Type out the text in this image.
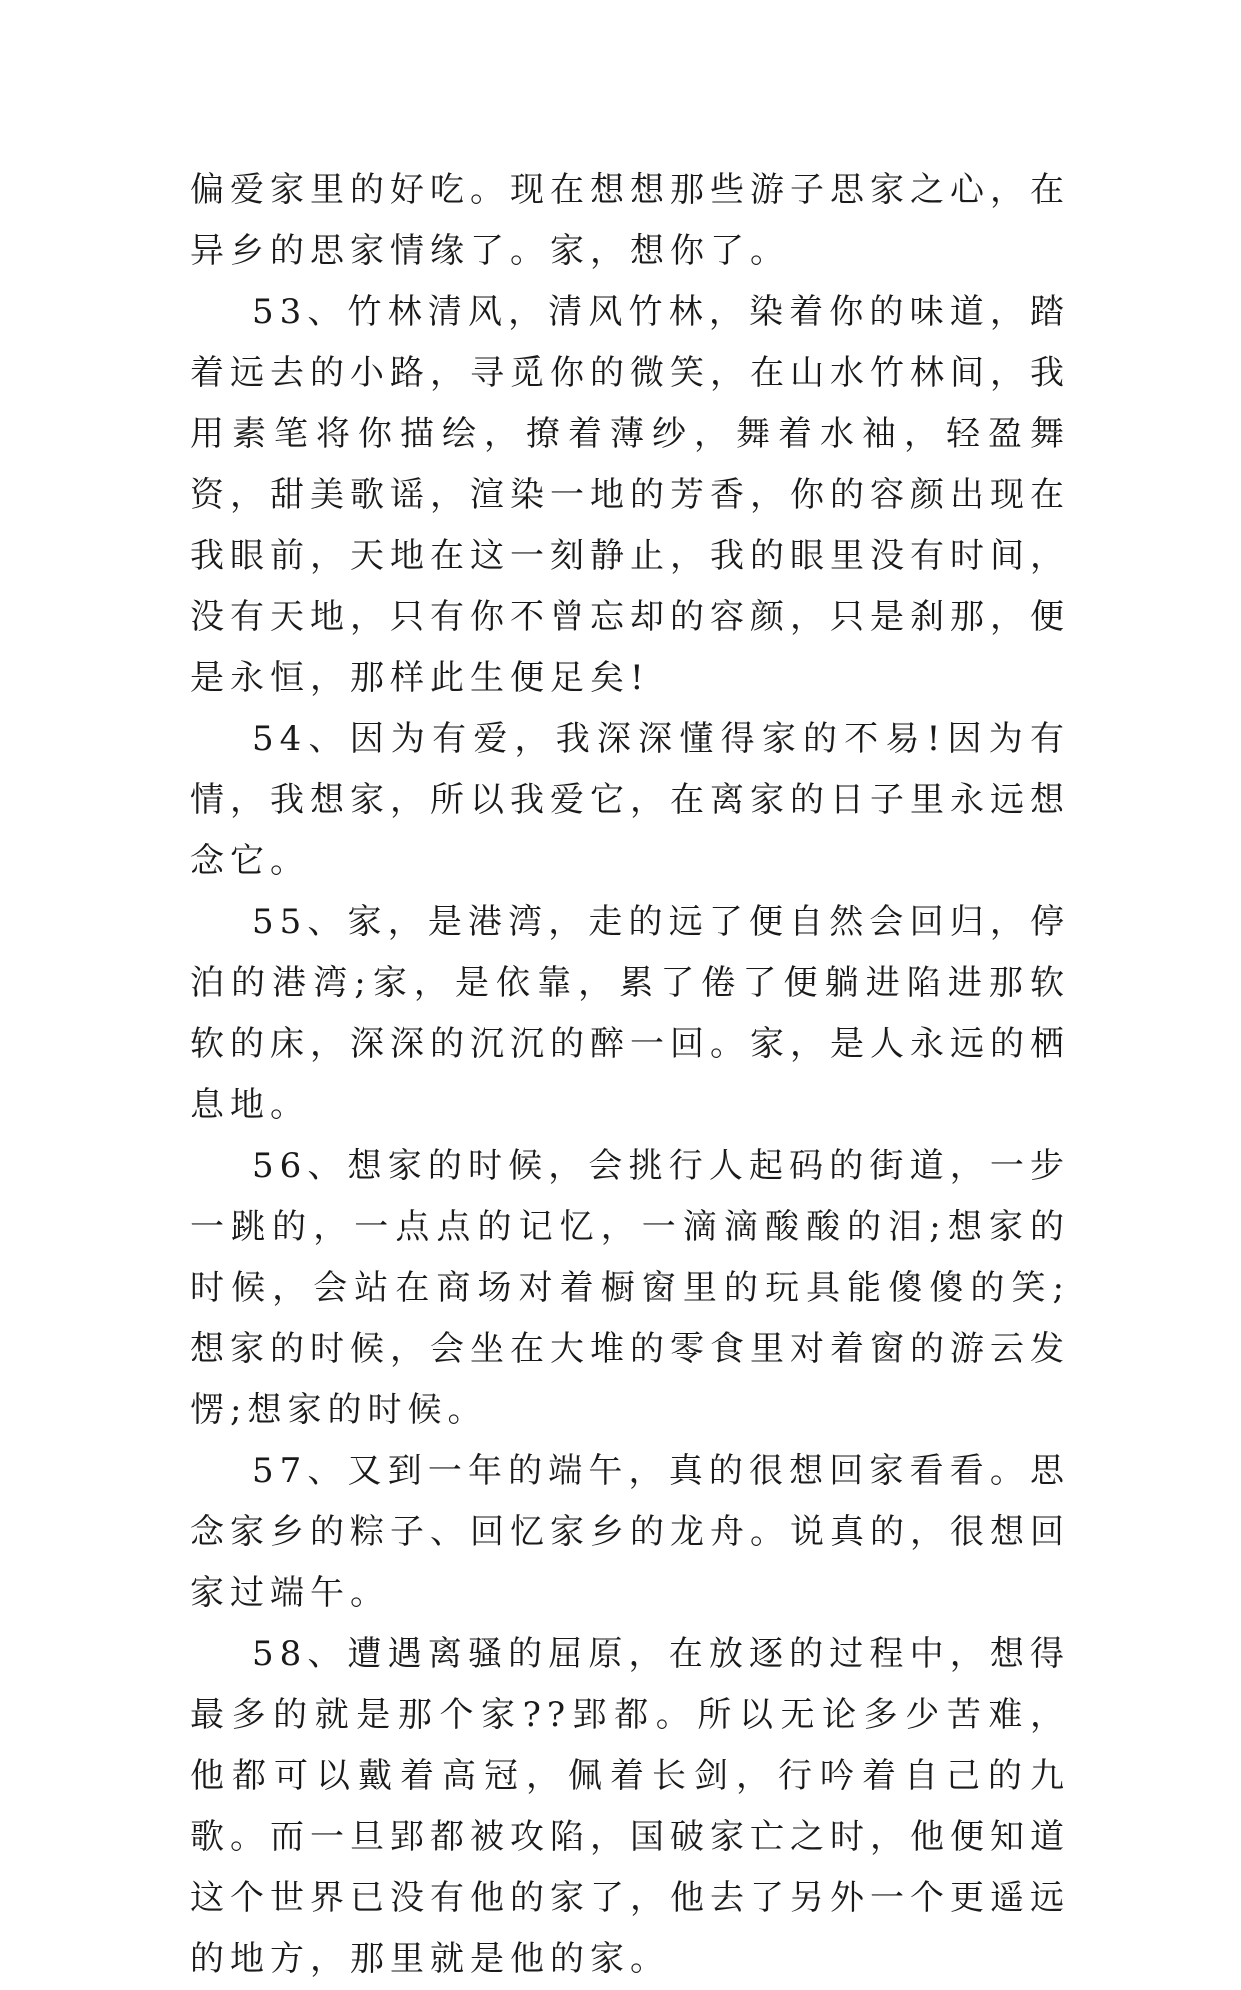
偏爱家里的好吃。现在想想那些游子思家之心，在异乡的思家情缘了。家，想你了。

53、竹林清风，清风竹林，染着你的味道，踏着远去的小路，寻觅你的微笑，在山水竹林间，我用素笔将你描绘，撩着薄纱，舞着水袖，轻盈舞资，甜美歌谣，渲染一地的芳香，你的容颜出现在我眼前，天地在这一刻静止，我的眼里没有时间，没有天地，只有你不曾忘却的容颜，只是刹那，便是永恒，那样此生便足矣!

54、因为有爱，我深深懂得家的不易!因为有情，我想家，所以我爱它，在离家的日子里永远想念它。

55、家，是港湾，走的远了便自然会回归，停泊的港湾;家，是依靠，累了倦了便躺进陷进那软软的床，深深的沉沉的醉一回。家，是人永远的栖息地。

56、想家的时候，会挑行人起码的街道，一步一跳的，一点点的记忆，一滴滴酸酸的泪;想家的时候，会站在商场对着橱窗里的玩具能傻傻的笑;想家的时候，会坐在大堆的零食里对着窗的游云发愣;想家的时候。

57、又到一年的端午，真的很想回家看看。思念家乡的粽子、回忆家乡的龙舟。说真的，很想回家过端午。

58、遭遇离骚的屈原，在放逐的过程中，想得最多的就是那个家??郢都。所以无论多少苦难，他都可以戴着高冠，佩着长剑，行吟着自己的九歌。而一旦郢都被攻陷，国破家亡之时，他便知道这个世界已没有他的家了，他去了另外一个更遥远的地方，那里就是他的家。
